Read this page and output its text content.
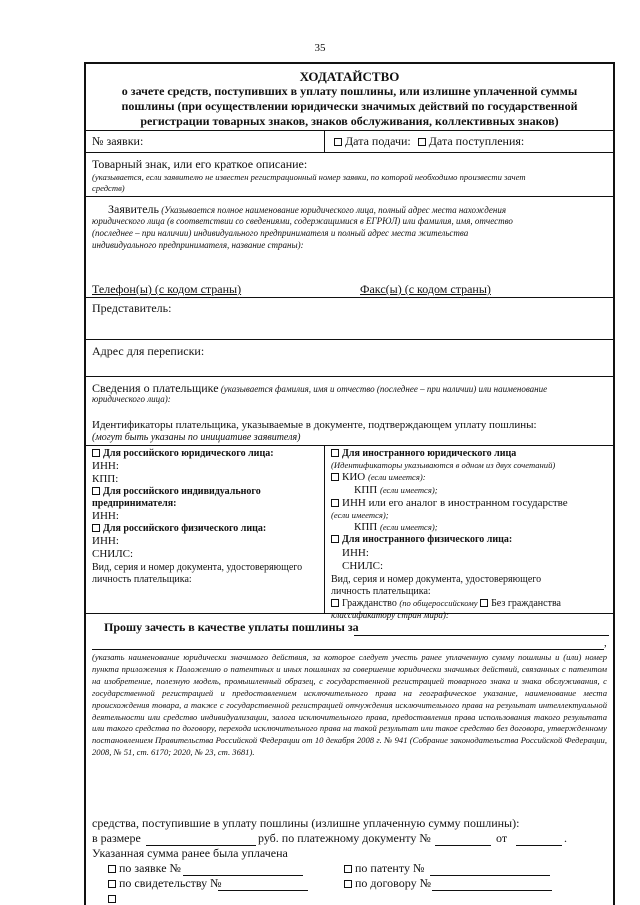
35
ХОДАТАЙСТВО
о зачете средств, поступивших в уплату пошлины, или излишне уплаченной суммы
пошлины (при осуществлении юридически значимых действий по государственной
регистрации товарных знаков, знаков обслуживания, коллективных знаков)
№ заявки:	Дата подачи: Дата поступления:
Товарный знак, или его краткое описание:
(указывается, если заявителю не известен регистрационный номер заявки, по которой необходимо произвести зачет
средств)
Заявитель (Указывается полное наименование юридического лица, полный адрес места нахождения
юридического лица (в соответствии со сведениями, содержащимися в ЕГРЮЛ) или фамилия, имя, отчество
(последнее – при наличии) индивидуального предпринимателя и полный адрес места жительства
индивидуального предпринимателя, название страны):
Телефон(ы) (с кодом страны)	Факс(ы) (с кодом страны)
Представитель:
Адрес для переписки:
Сведения о плательщике (указывается фамилия, имя и отчество (последнее – при наличии) или наименование
юридического лица):
Идентификаторы плательщика, указываемые в документе, подтверждающем уплату пошлины:
(могут быть указаны по инициативе заявителя)
Для российского юридического лица:
ИНН:
КПП:
Для российского индивидуального
предпринимателя:
ИНН:
Для российского физического лица:
ИНН:
СНИЛС:
Вид, серия и номер документа, удостоверяющего
личность плательщика:
Для иностранного юридического лица
(Идентификаторы указываются в одном из двух сочетаний)
КИО (если имеется):
КПП (если имеется);
ИНН или его аналог в иностранном государстве
(если имеется);
КПП (если имеется);
Для иностранного физического лица:
ИНН:
СНИЛС:
Вид, серия и номер документа, удостоверяющего
личность плательщика:
Гражданство (по общероссийскому Без гражданства
классификатору стран мира):
Прошу зачесть в качестве уплаты пошлины за
,
(указать наименование юридически значимого действия, за которое следует учесть ранее уплаченную сумму пошлины и (или) номер пункта приложения к Положению о патентных и иных пошлинах за совершение юридически значимых действий, связанных с патентом на изобретение, полезную модель, промышленный образец, с государственной регистрацией товарного знака и знака обслуживания, с государственной регистрацией и предоставлением исключительного права на географическое указание, наименование места происхождения товара, а также с государственной регистрацией отчуждения исключительного права на результат интеллектуальной деятельности или средство индивидуализации, залога исключительного права, предоставления права использования такого результата или такого средства по договору, перехода исключительного права на такой результат или такое средство без договора, утвержденному постановлением Правительства Российской Федерации от 10 декабря 2008 г. № 941 (Собрание законодательства Российской Федерации, 2008, № 51, ст. 6170; 2020, № 23, ст. 3681).
средства, поступившие в уплату пошлины (излишне уплаченную сумму пошлины):
в размере	руб. по платежному документу №	от	.
Указанная сумма ранее была уплачена
по заявке №	по патенту №
по свидетельству №	по договору №
